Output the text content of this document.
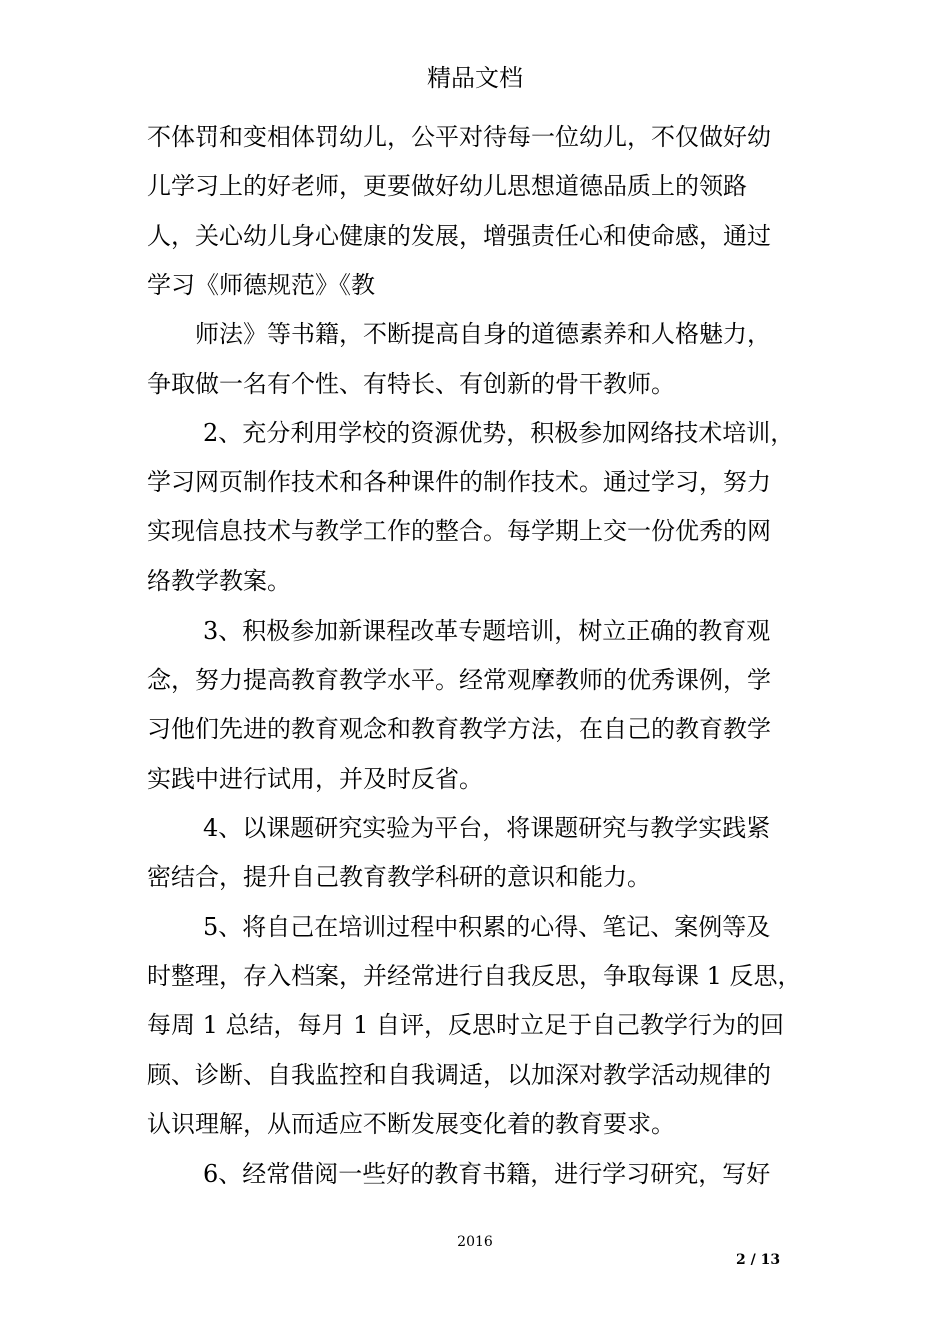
精品文档
不体罚和变相体罚幼儿，公平对待每一位幼儿，不仅做好幼
儿学习上的好老师，更要做好幼儿思想道德品质上的领路
人，关心幼儿身心健康的发展，增强责任心和使命感，通过
学习《师德规范》《教
师法》等书籍，不断提高自身的道德素养和人格魅力，
争取做一名有个性、有特长、有创新的骨干教师。
2、充分利用学校的资源优势，积极参加网络技术培训，
学习网页制作技术和各种课件的制作技术。通过学习，努力
实现信息技术与教学工作的整合。每学期上交一份优秀的网
络教学教案。
3、积极参加新课程改革专题培训，树立正确的教育观
念，努力提高教育教学水平。经常观摩教师的优秀课例，学
习他们先进的教育观念和教育教学方法，在自己的教育教学
实践中进行试用，并及时反省。
4、以课题研究实验为平台，将课题研究与教学实践紧
密结合，提升自己教育教学科研的意识和能力。
5、将自己在培训过程中积累的心得、笔记、案例等及
时整理，存入档案，并经常进行自我反思，争取每课 1 反思，
每周 1 总结，每月 1 自评，反思时立足于自己教学行为的回
顾、诊断、自我监控和自我调适，以加深对教学活动规律的
认识理解，从而适应不断发展变化着的教育要求。
6、经常借阅一些好的教育书籍，进行学习研究，写好
2016
2 / 13
